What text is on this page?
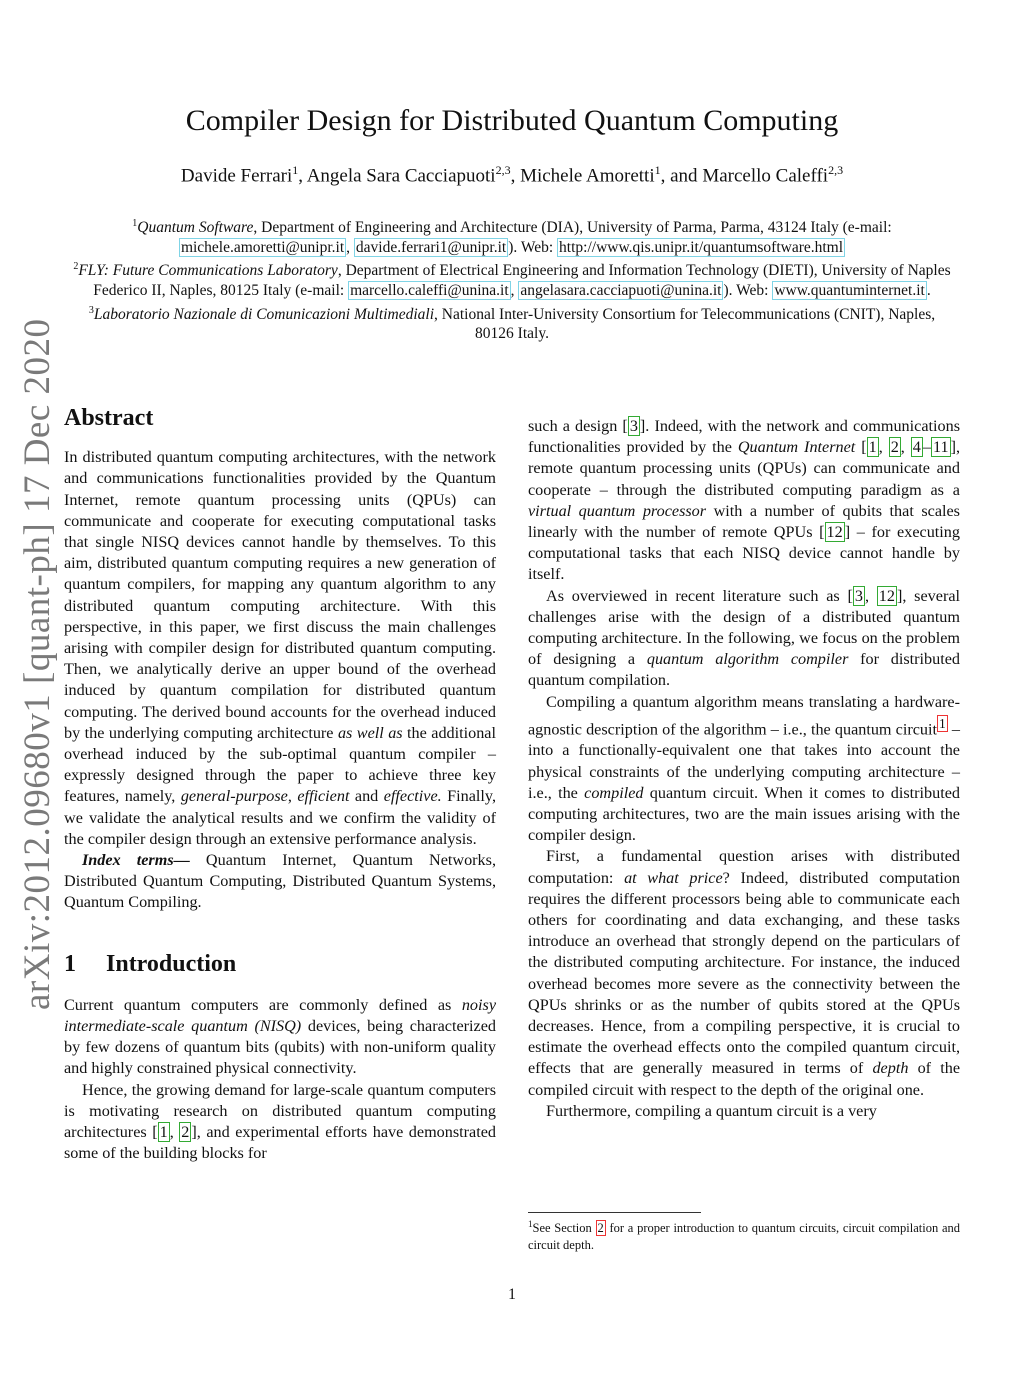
arXiv:2012.09680v1 [quant-ph] 17 Dec 2020
Compiler Design for Distributed Quantum Computing
Davide Ferrari$^1$, Angela Sara Cacciapuoti$^{2,3}$, Michele Amoretti$^1$, and Marcello Caleffi$^{2,3}$
$^1$Quantum Software, Department of Engineering and Architecture (DIA), University of Parma, Parma, 43124 Italy (e-mail: michele.amoretti@unipr.it , davide.ferrari1@unipr.it ). Web: http://www.qis.unipr.it/quantumsoftware.html
$^2$FLY: Future Communications Laboratory, Department of Electrical Engineering and Information Technology (DIETI), University of Naples Federico II, Naples, 80125 Italy (e-mail: marcello.caleffi@unina.it , angelasara.cacciapuoti@unina.it ). Web: www.quantuminternet.it .
$^3$Laboratorio Nazionale di Comunicazioni Multimediali, National Inter-University Consortium for Telecommunications (CNIT), Naples, 80126 Italy.
Abstract

In distributed quantum computing architectures, with the network and communications functionalities provided by the Quantum Internet, remote quantum processing units (QPUs) can communicate and cooperate for executing computational tasks that single NISQ devices cannot handle by themselves. To this aim, distributed quantum computing requires a new generation of quantum compilers, for mapping any quantum algorithm to any distributed quantum computing architecture. With this perspective, in this paper, we first discuss the main challenges arising with compiler design for distributed quantum computing. Then, we analytically derive an upper bound of the overhead induced by quantum compilation for distributed quantum computing. The derived bound accounts for the overhead induced by the underlying computing architecture as well as the additional overhead induced by the sub-optimal quantum compiler – expressly designed through the paper to achieve three key features, namely, general-purpose, efficient and effective. Finally, we validate the analytical results and we confirm the validity of the compiler design through an extensive performance analysis.

Index terms— Quantum Internet, Quantum Networks, Distributed Quantum Computing, Distributed Quantum Systems, Quantum Compiling.

1 Introduction

Current quantum computers are commonly defined as noisy intermediate-scale quantum (NISQ) devices, being characterized by few dozens of quantum bits (qubits) with non-uniform quality and highly constrained physical connectivity.

Hence, the growing demand for large-scale quantum computers is motivating research on distributed quantum computing architectures [ 1 , 2 ], and experimental efforts have demonstrated some of the building blocks for

such a design [ 3 ]. Indeed, with the network and communications functionalities provided by the Quantum Internet [ 1 , 2 , 4 – 11 ], remote quantum processing units (QPUs) can communicate and cooperate – through the distributed computing paradigm as a virtual quantum processor with a number of qubits that scales linearly with the number of remote QPUs [ 12 ] – for executing computational tasks that each NISQ device cannot handle by itself.

As overviewed in recent literature such as [ 3 , 12 ], several challenges arise with the design of a distributed quantum computing architecture. In the following, we focus on the problem of designing a quantum algorithm compiler for distributed quantum compilation.

Compiling a quantum algorithm means translating a hardware-agnostic description of the algorithm – i.e., the quantum circuit $^1$ – into a functionally-equivalent one that takes into account the physical constraints of the underlying computing architecture – i.e., the compiled quantum circuit. When it comes to distributed computing architectures, two are the main issues arising with the compiler design.

First, a fundamental question arises with distributed computation: at what price? Indeed, distributed computation requires the different processors being able to communicate each others for coordinating and data exchanging, and these tasks introduce an overhead that strongly depend on the particulars of the distributed computing architecture. For instance, the induced overhead becomes more severe as the connectivity between the QPUs shrinks or as the number of qubits stored at the QPUs decreases. Hence, from a compiling perspective, it is crucial to estimate the overhead effects onto the compiled quantum circuit, effects that are generally measured in terms of depth of the compiled circuit with respect to the depth of the original one.

Furthermore, compiling a quantum circuit is a very

$^1$See Section 2 for a proper introduction to quantum circuits, circuit compilation and circuit depth.
1
